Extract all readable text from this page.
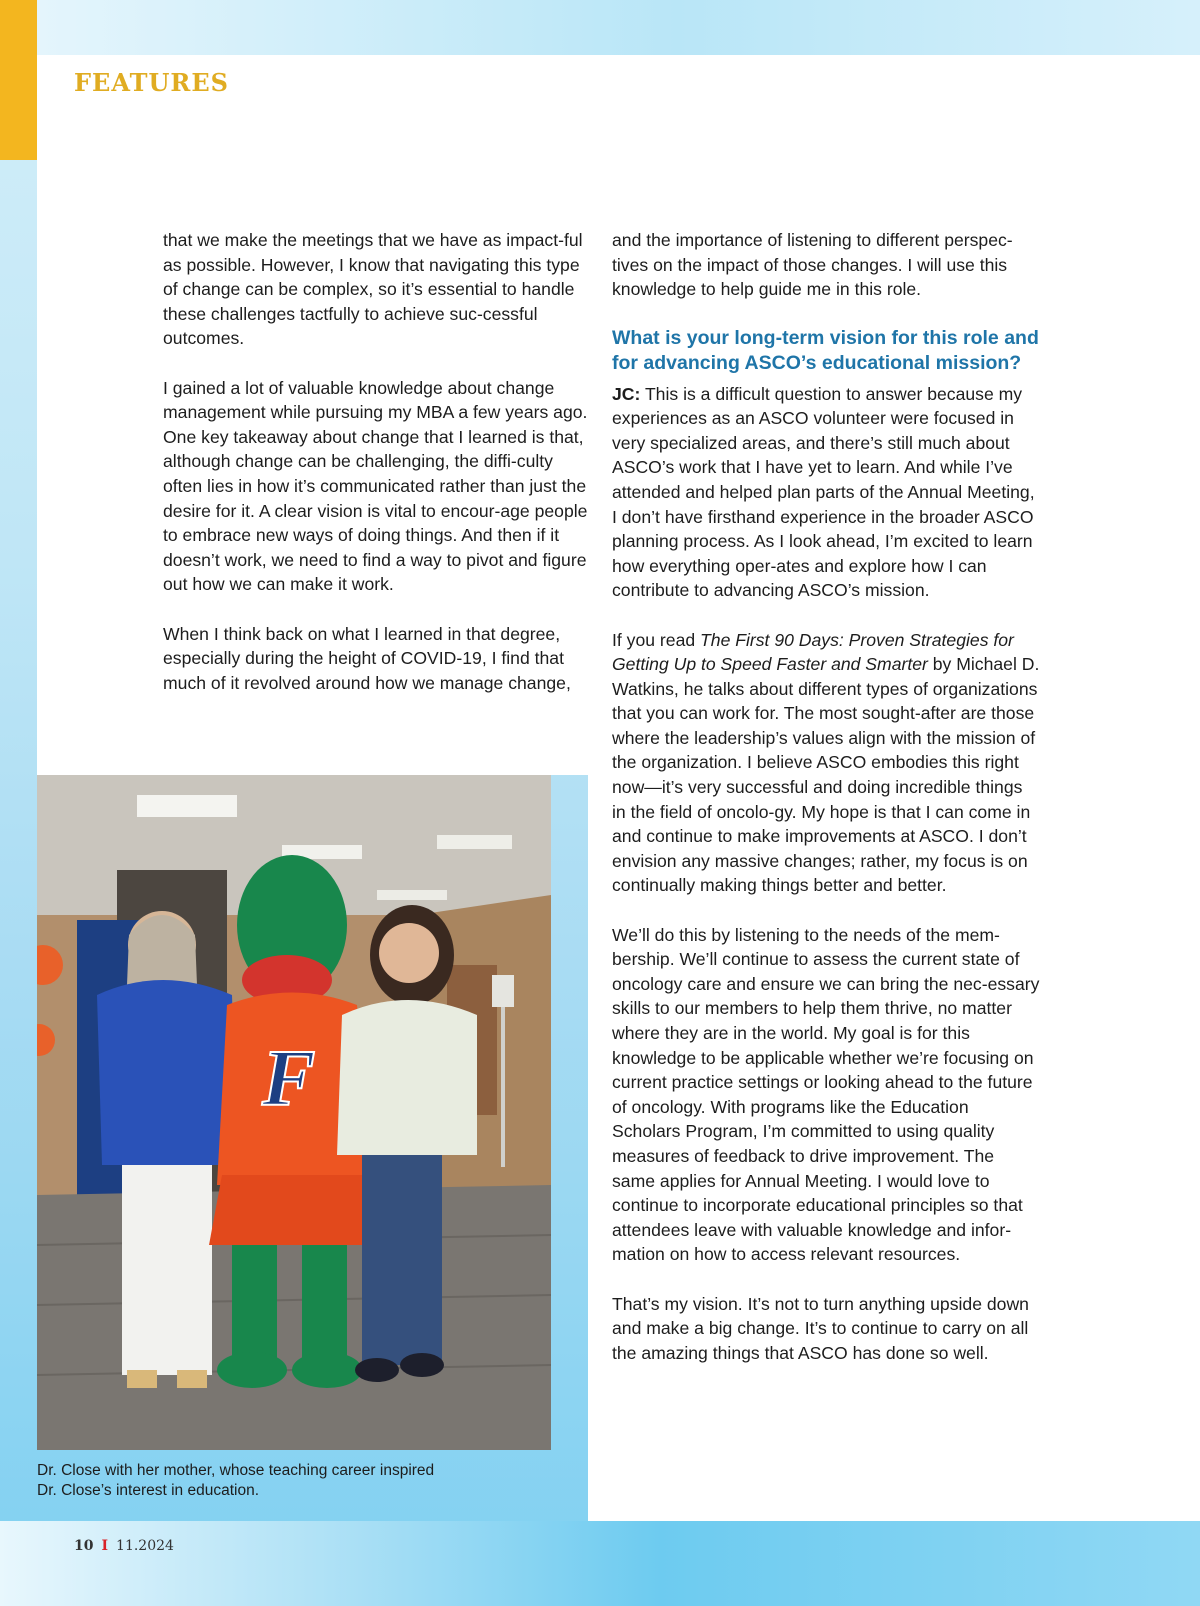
FEATURES

that we make the meetings that we have as impact-ful as possible. However, I know that navigating this type of change can be complex, so it’s essential to handle these challenges tactfully to achieve suc-cessful outcomes.

I gained a lot of valuable knowledge about change management while pursuing my MBA a few years ago. One key takeaway about change that I learned is that, although change can be challenging, the diffi-culty often lies in how it’s communicated rather than just the desire for it. A clear vision is vital to encour-age people to embrace new ways of doing things. And then if it doesn’t work, we need to find a way to pivot and figure out how we can make it work.

When I think back on what I learned in that degree, especially during the height of COVID-19, I find that much of it revolved around how we manage change,

and the importance of listening to different perspec-tives on the impact of those changes. I will use this knowledge to help guide me in this role.

What is your long-term vision for this role and for advancing ASCO’s educational mission?

JC: This is a difficult question to answer because my experiences as an ASCO volunteer were focused in very specialized areas, and there’s still much about ASCO’s work that I have yet to learn. And while I’ve attended and helped plan parts of the Annual Meeting, I don’t have firsthand experience in the broader ASCO planning process. As I look ahead, I’m excited to learn how everything oper-ates and explore how I can contribute to advancing ASCO’s mission.

If you read The First 90 Days: Proven Strategies for Getting Up to Speed Faster and Smarter by Michael D. Watkins, he talks about different types of organizations that you can work for. The most sought-after are those where the leadership’s values align with the mission of the organization. I believe ASCO embodies this right now—it’s very successful and doing incredible things in the field of oncolo-gy. My hope is that I can come in and continue to make improvements at ASCO. I don’t envision any massive changes; rather, my focus is on continually making things better and better.

We’ll do this by listening to the needs of the mem-bership. We’ll continue to assess the current state of oncology care and ensure we can bring the nec-essary skills to our members to help them thrive, no matter where they are in the world. My goal is for this knowledge to be applicable whether we’re focusing on current practice settings or looking ahead to the future of oncology. With programs like the Education Scholars Program, I’m committed to using quality measures of feedback to drive improvement. The same applies for Annual Meeting. I would love to continue to incorporate educational principles so that attendees leave with valuable knowledge and infor-mation on how to access relevant resources.

That’s my vision. It’s not to turn anything upside down and make a big change. It’s to continue to carry on all the amazing things that ASCO has done so well.

F
Dr. Close with her mother, whose teaching career inspired Dr. Close’s interest in education.
10 I 11.2024
